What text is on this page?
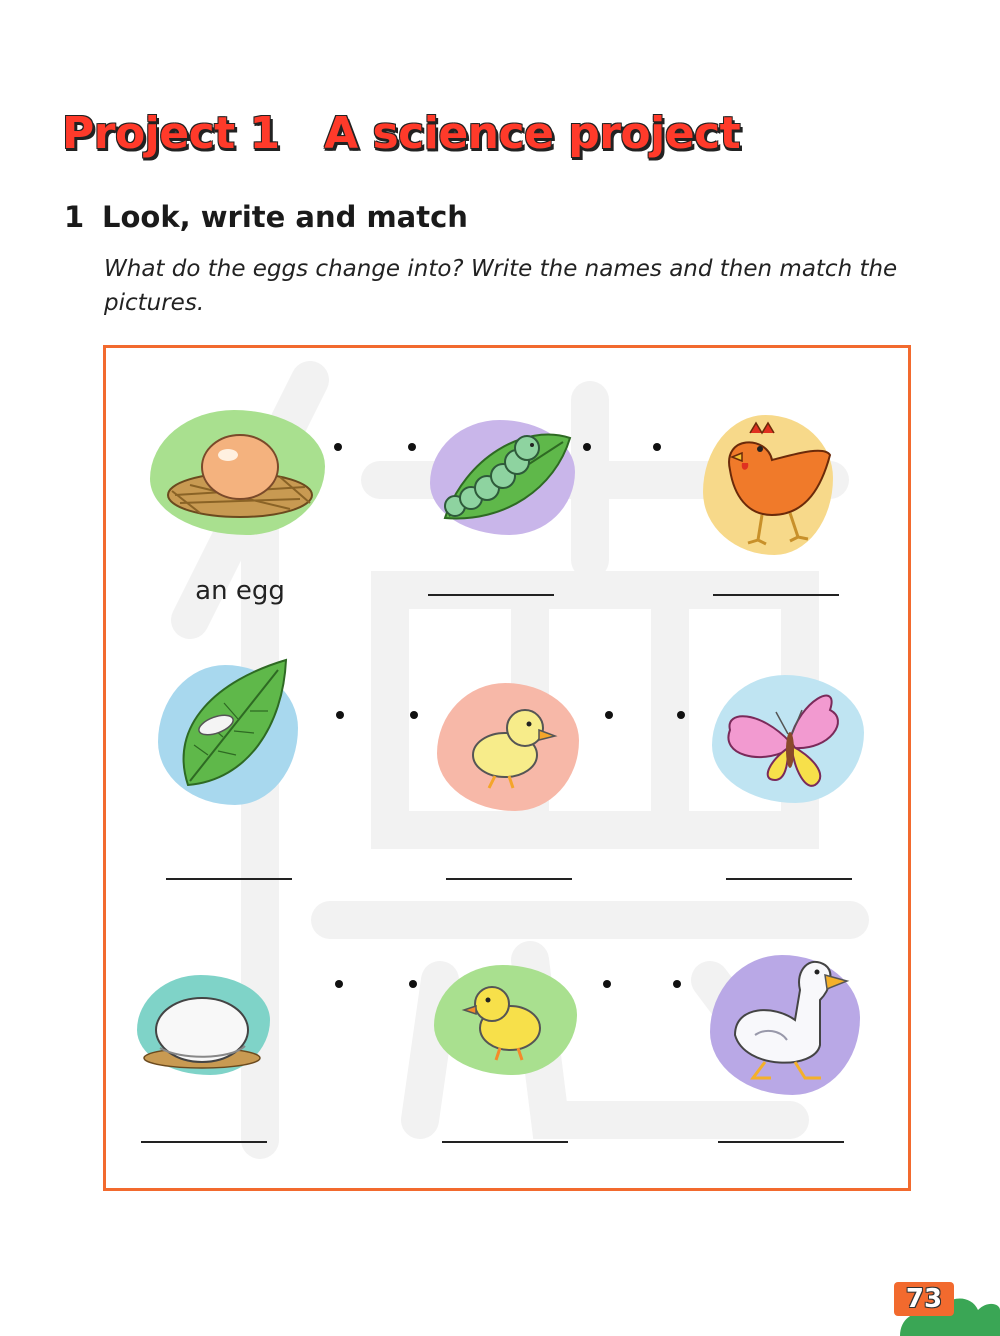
Project 1   A science project
1 Look, write and match
What do the eggs change into? Write the names and then match the pictures.
an egg
73
